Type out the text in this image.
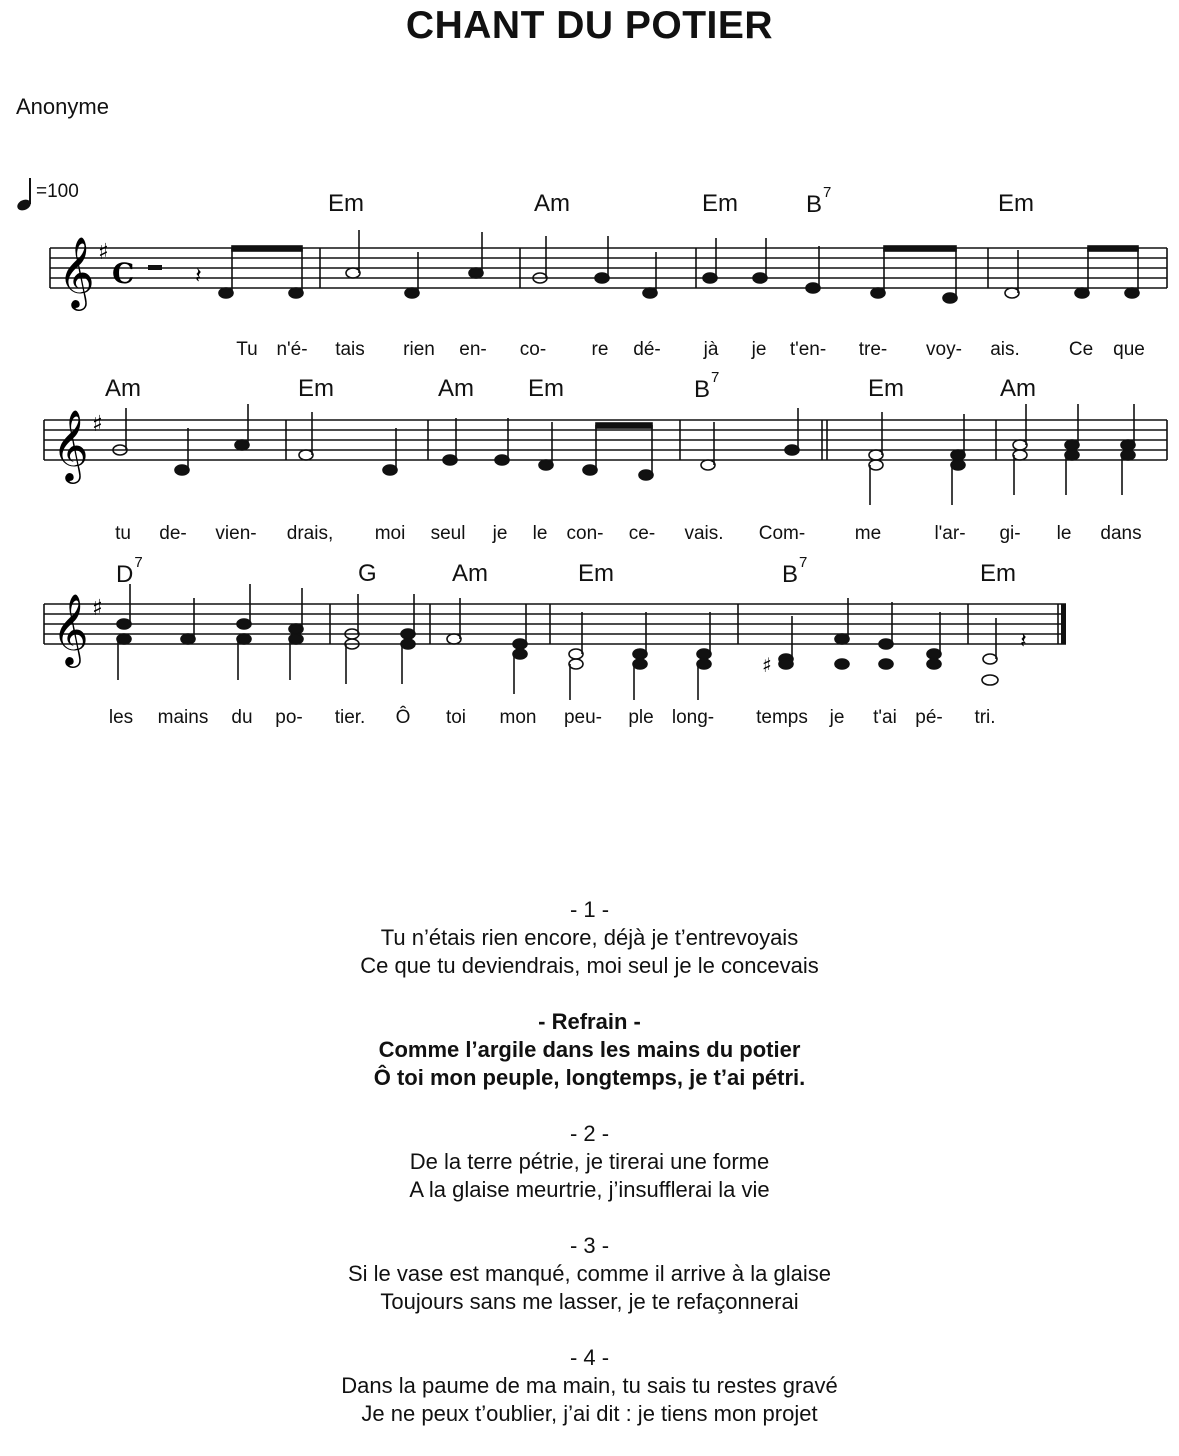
CHANT DU POTIER
Anonyme
=100
𝄞 ♯
C	𝄽
𝄞 ♯
𝄞 ♯
♯
𝄽
Em	Am	Em	$B^7$	Em
Tu n'é- tais rien en- co- re dé- jà je t'en- tre- voy- ais.	Ce que
Am	Em	Am Em	$B^7$	Em	Am
tu de- vien- drais, moi seul je le con- ce- vais. Com-	me	l'ar- gi- le dans
$D^7$	G	Am	Em	$B^7$	Em
les mains du po- tier. Ô toi mon peu- ple long- temps je t'ai pé- tri.
- 1 -
Tu n’étais rien encore, déjà je t’entrevoyais
Ce que tu deviendrais, moi seul je le concevais
- Refrain -
Comme l’argile dans les mains du potier
Ô toi mon peuple, longtemps, je t’ai pétri.
- 2 -
De la terre pétrie, je tirerai une forme
A la glaise meurtrie, j’insufflerai la vie
- 3 -
Si le vase est manqué, comme il arrive à la glaise
Toujours sans me lasser, je te refaçonnerai
- 4 -
Dans la paume de ma main, tu sais tu restes gravé
Je ne peux t’oublier, j’ai dit : je tiens mon projet
